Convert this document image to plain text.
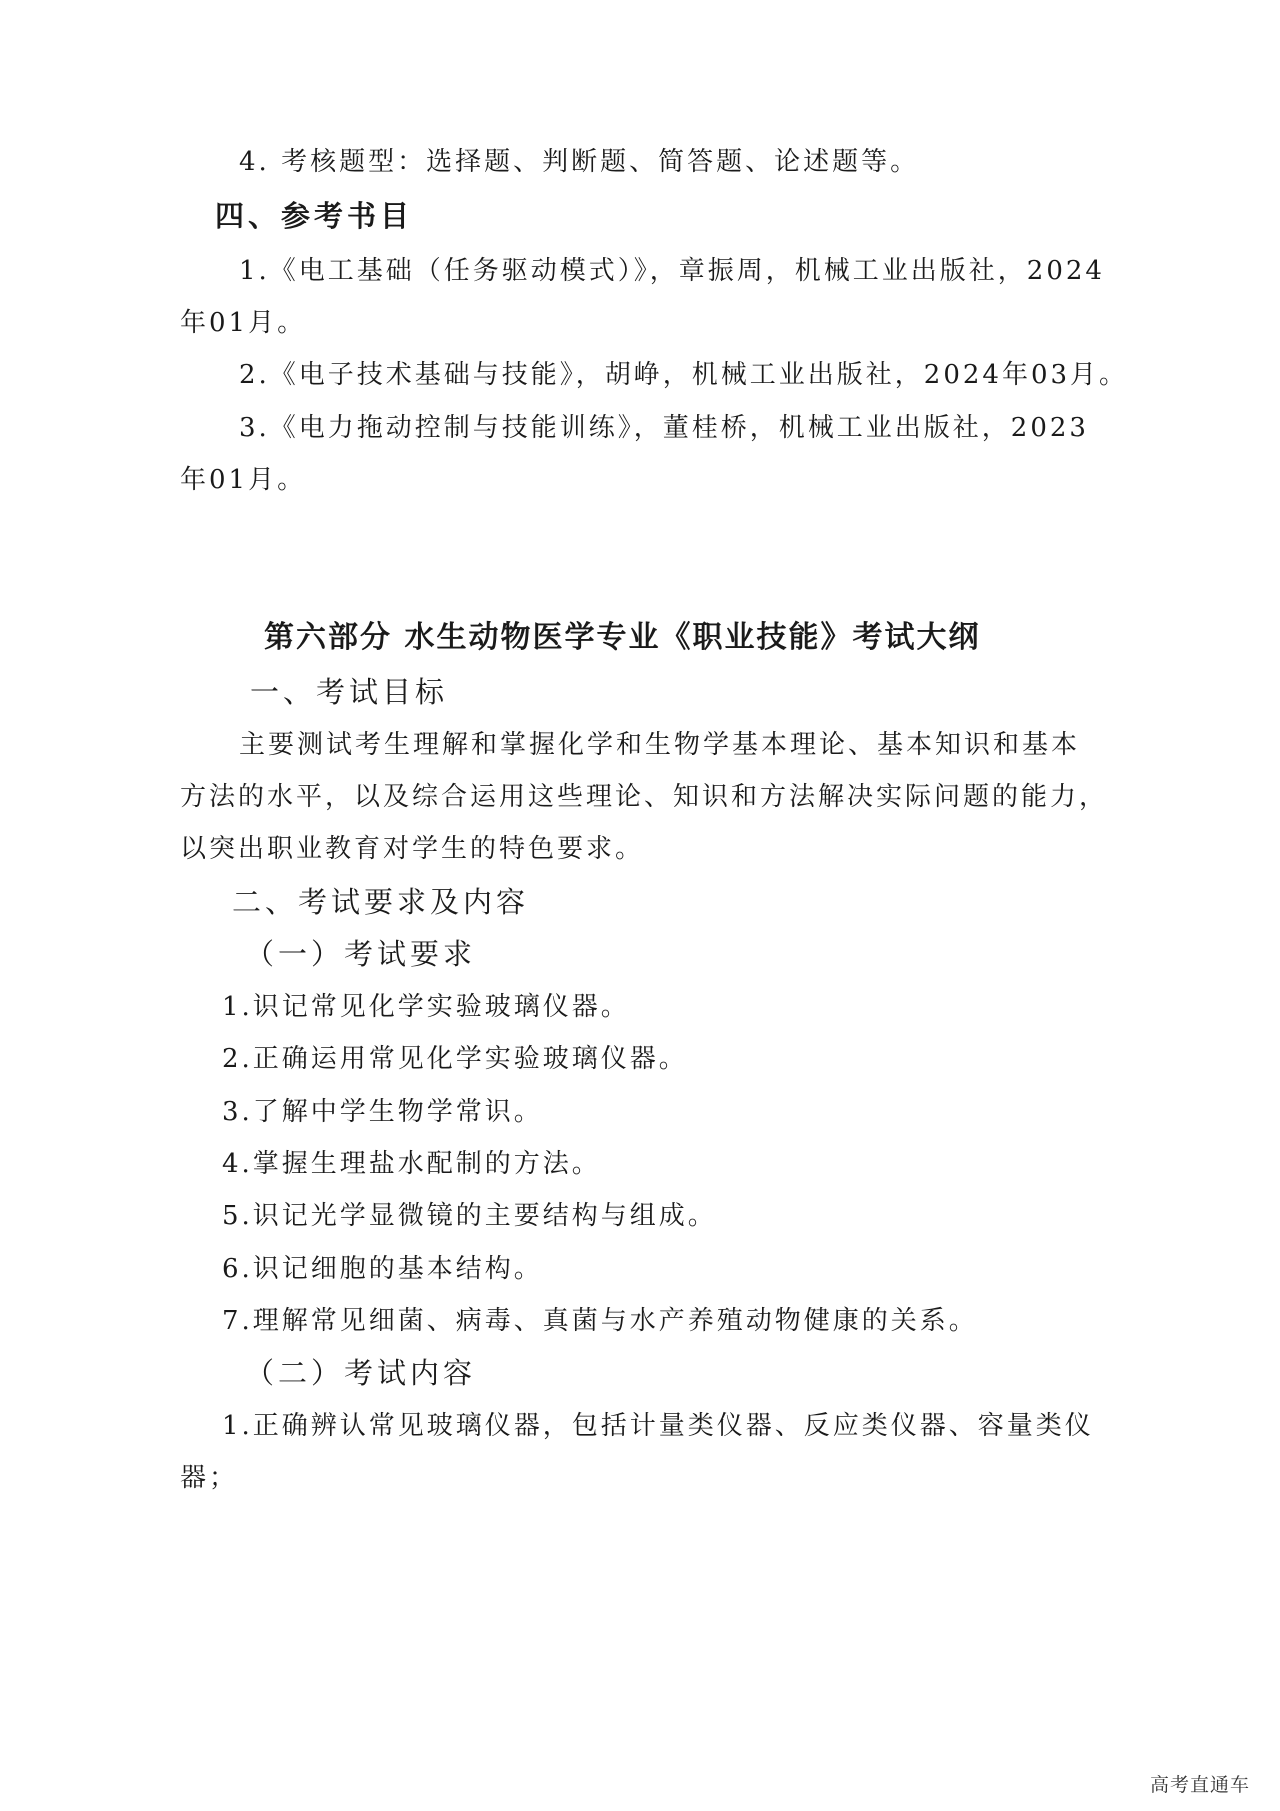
4. 考核题型：选择题、判断题、简答题、论述题等。
四、参考书目
1.《电工基础（任务驱动模式）》，章振周，机械工业出版社，2024
年01月。
2.《电子技术基础与技能》，胡峥，机械工业出版社，2024年03月。
3.《电力拖动控制与技能训练》，董桂桥，机械工业出版社，2023
年01月。
第六部分 水生动物医学专业《职业技能》考试大纲
一、考试目标
主要测试考生理解和掌握化学和生物学基本理论、基本知识和基本
方法的水平，以及综合运用这些理论、知识和方法解决实际问题的能力，
以突出职业教育对学生的特色要求。
二、考试要求及内容
（一）考试要求
1.识记常见化学实验玻璃仪器。
2.正确运用常见化学实验玻璃仪器。
3.了解中学生物学常识。
4.掌握生理盐水配制的方法。
5.识记光学显微镜的主要结构与组成。
6.识记细胞的基本结构。
7.理解常见细菌、病毒、真菌与水产养殖动物健康的关系。
（二）考试内容
1.正确辨认常见玻璃仪器，包括计量类仪器、反应类仪器、容量类仪
器；
高考直通车
